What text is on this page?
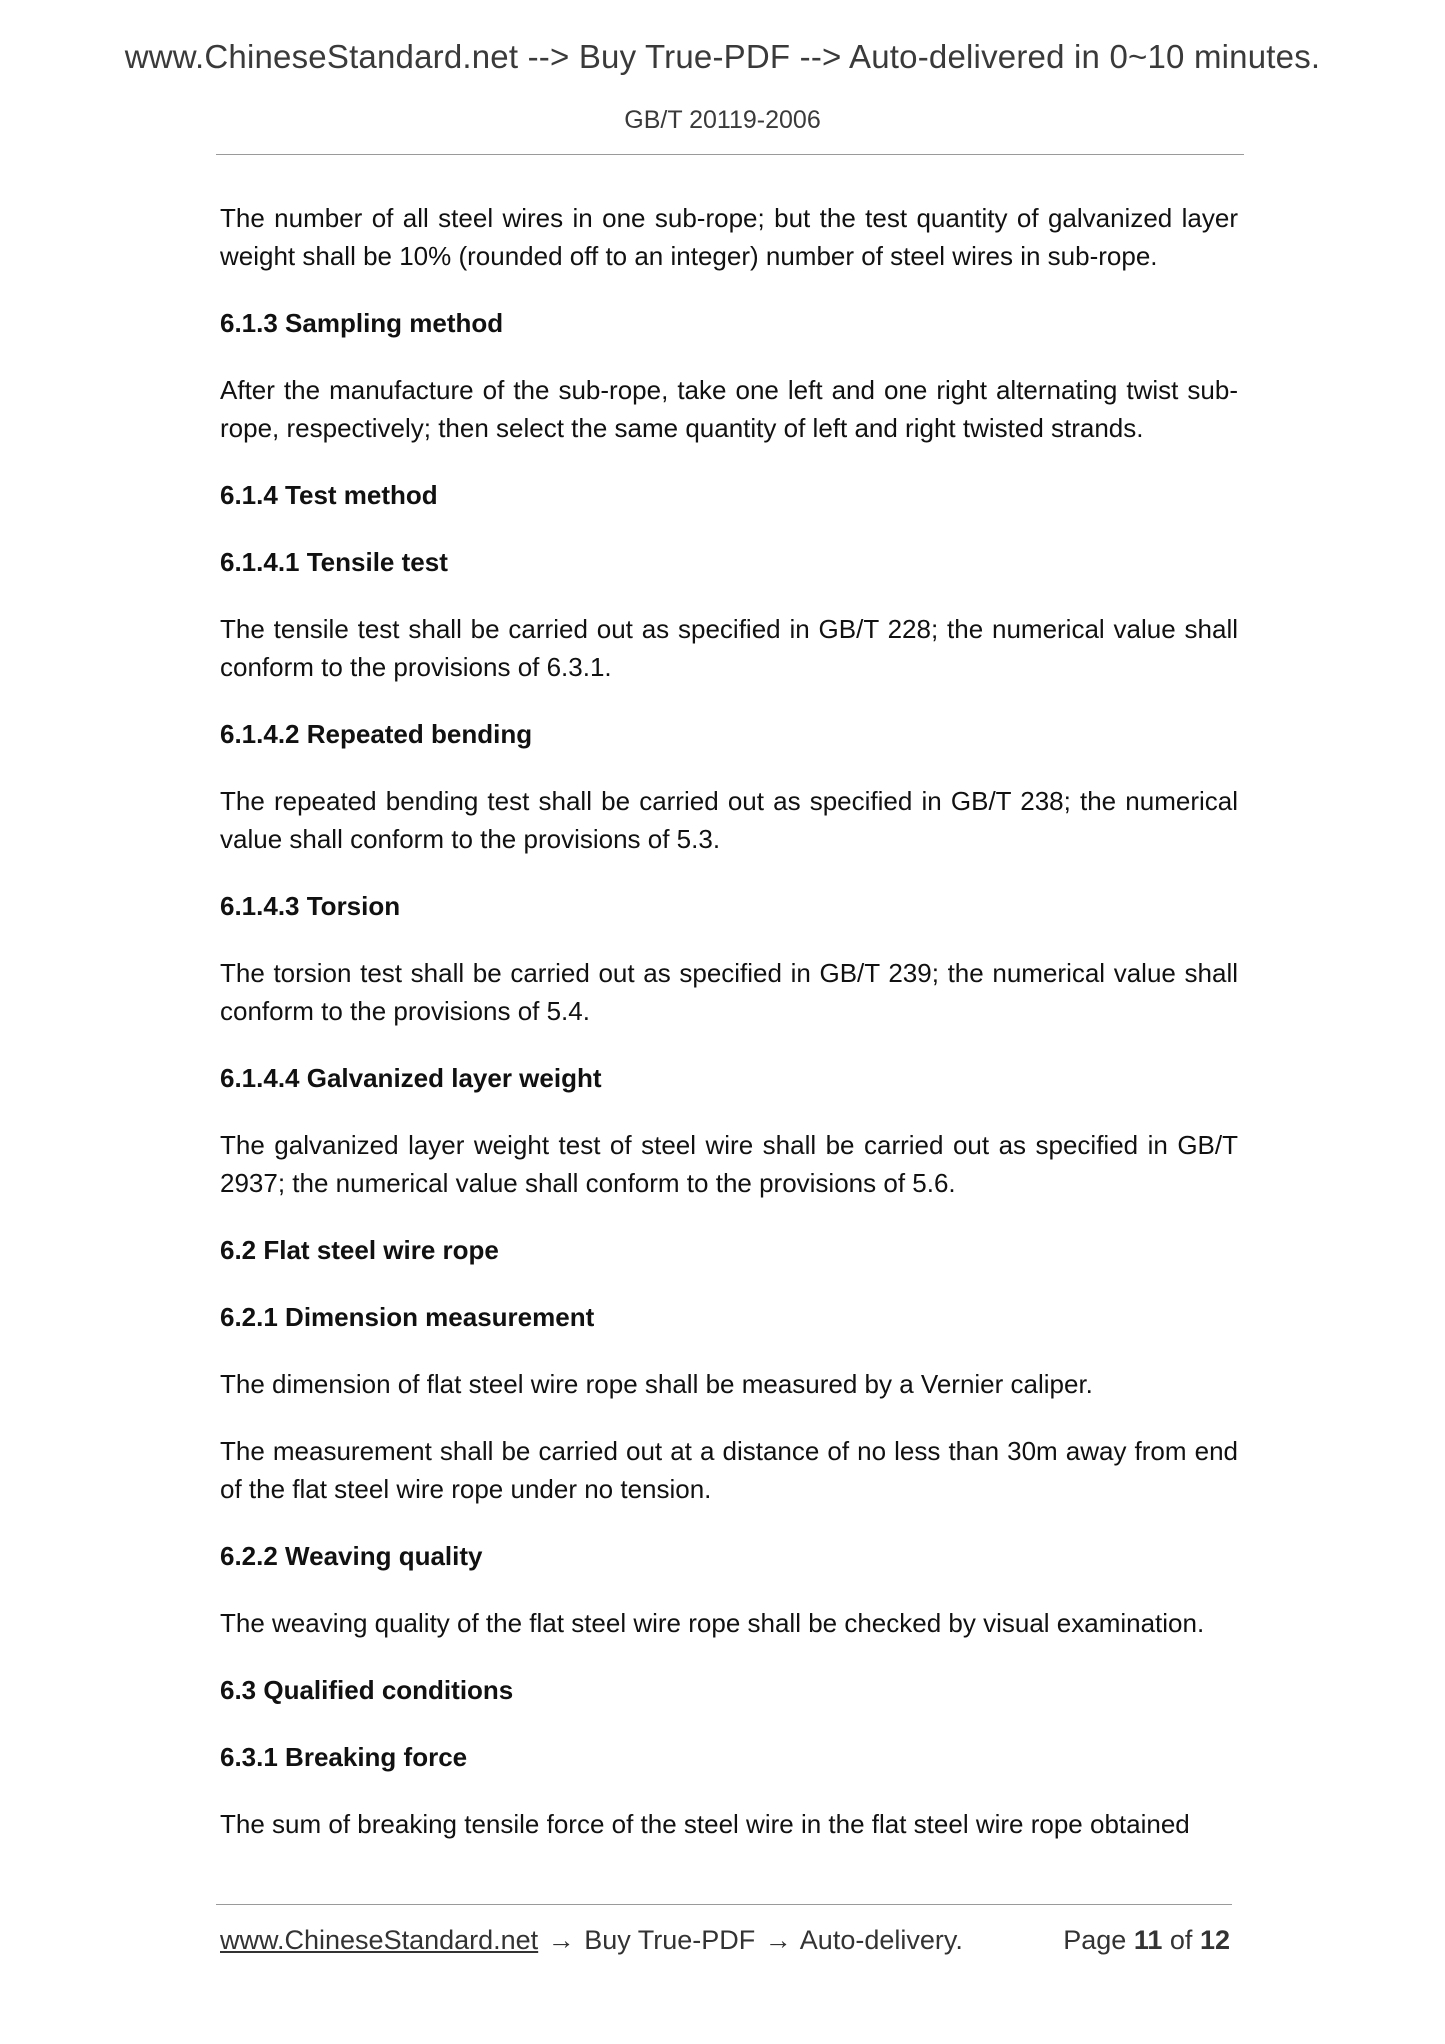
www.ChineseStandard.net --> Buy True-PDF --> Auto-delivered in 0~10 minutes.
GB/T 20119-2006

The number of all steel wires in one sub-rope; but the test quantity of galvanized layer weight shall be 10% (rounded off to an integer) number of steel wires in sub-rope.

6.1.3 Sampling method

After the manufacture of the sub-rope, take one left and one right alternating twist sub-rope, respectively; then select the same quantity of left and right twisted strands.

6.1.4 Test method

6.1.4.1 Tensile test

The tensile test shall be carried out as specified in GB/T 228; the numerical value shall conform to the provisions of 6.3.1.

6.1.4.2 Repeated bending

The repeated bending test shall be carried out as specified in GB/T 238; the numerical value shall conform to the provisions of 5.3.

6.1.4.3 Torsion

The torsion test shall be carried out as specified in GB/T 239; the numerical value shall conform to the provisions of 5.4.

6.1.4.4 Galvanized layer weight

The galvanized layer weight test of steel wire shall be carried out as specified in GB/T 2937; the numerical value shall conform to the provisions of 5.6.

6.2 Flat steel wire rope

6.2.1 Dimension measurement

The dimension of flat steel wire rope shall be measured by a Vernier caliper.

The measurement shall be carried out at a distance of no less than 30m away from end of the flat steel wire rope under no tension.

6.2.2 Weaving quality

The weaving quality of the flat steel wire rope shall be checked by visual examination.

6.3 Qualified conditions

6.3.1 Breaking force

The sum of breaking tensile force of the steel wire in the flat steel wire rope obtained

www.ChineseStandard.net → Buy True-PDF → Auto-delivery.	Page 11 of 12
